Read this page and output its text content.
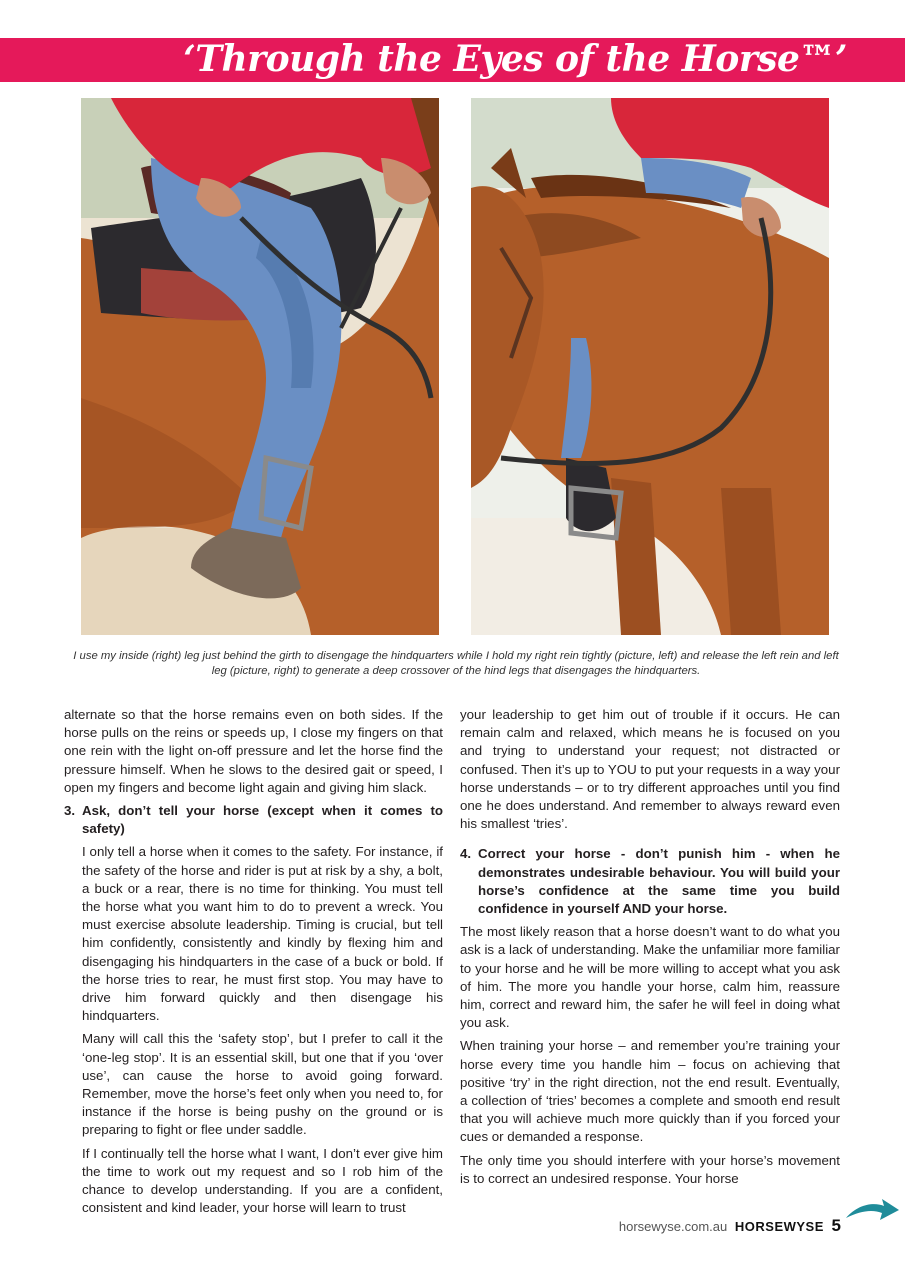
‘Through the Eyes of the Horse™’
I use my inside (right) leg just behind the girth to disengage the hindquarters while I hold my right rein tightly (picture, left) and release the left rein and left leg (picture, right) to generate a deep crossover of the hind legs that disengages the hindquarters.

alternate so that the horse remains even on both sides. If the horse pulls on the reins or speeds up, I close my fingers on that one rein with the light on-off pressure and let the horse find the pressure himself. When he slows to the desired gait or speed, I open my fingers and become light again and giving him slack.

3. Ask, don’t tell your horse (except when it comes to safety)

I only tell a horse when it comes to the safety. For instance, if the safety of the horse and rider is put at risk by a shy, a bolt, a buck or a rear, there is no time for thinking. You must tell the horse what you want him to do to prevent a wreck. You must exercise absolute leadership. Timing is crucial, but tell him confidently, consistently and kindly by flexing him and disengaging his hindquarters in the case of a buck or bold. If the horse tries to rear, he must first stop. You may have to drive him forward quickly and then disengage his hindquarters.

Many will call this the ‘safety stop’, but I prefer to call it the ‘one-leg stop’. It is an essential skill, but one that if you ‘over use’, can cause the horse to avoid going forward. Remember, move the horse’s feet only when you need to, for instance if the horse is being pushy on the ground or is preparing to fight or flee under saddle.

If I continually tell the horse what I want, I don’t ever give him the time to work out my request and so I rob him of the chance to develop understanding. If you are a confident, consistent and kind leader, your horse will learn to trust

your leadership to get him out of trouble if it occurs. He can remain calm and relaxed, which means he is focused on you and trying to understand your request; not distracted or confused. Then it’s up to YOU to put your requests in a way your horse understands – or to try different approaches until you find one he does understand. And remember to always reward even his smallest ‘tries’.

4. Correct your horse - don’t punish him - when he demonstrates undesirable behaviour. You will build your horse’s confidence at the same time you build confidence in yourself AND your horse.

The most likely reason that a horse doesn’t want to do what you ask is a lack of understanding. Make the unfamiliar more familiar to your horse and he will be more willing to accept what you ask of him. The more you handle your horse, calm him, reassure him, correct and reward him, the safer he will feel in doing what you ask.

When training your horse – and remember you’re training your horse every time you handle him – focus on achieving that positive ‘try’ in the right direction, not the end result. Eventually, a collection of ‘tries’ becomes a complete and smooth end result that you will achieve much more quickly than if you forced your cues or demanded a response.

The only time you should interfere with your horse’s movement is to correct an undesired response. Your horse

horsewyse.com.au HORSEWYSE 5
